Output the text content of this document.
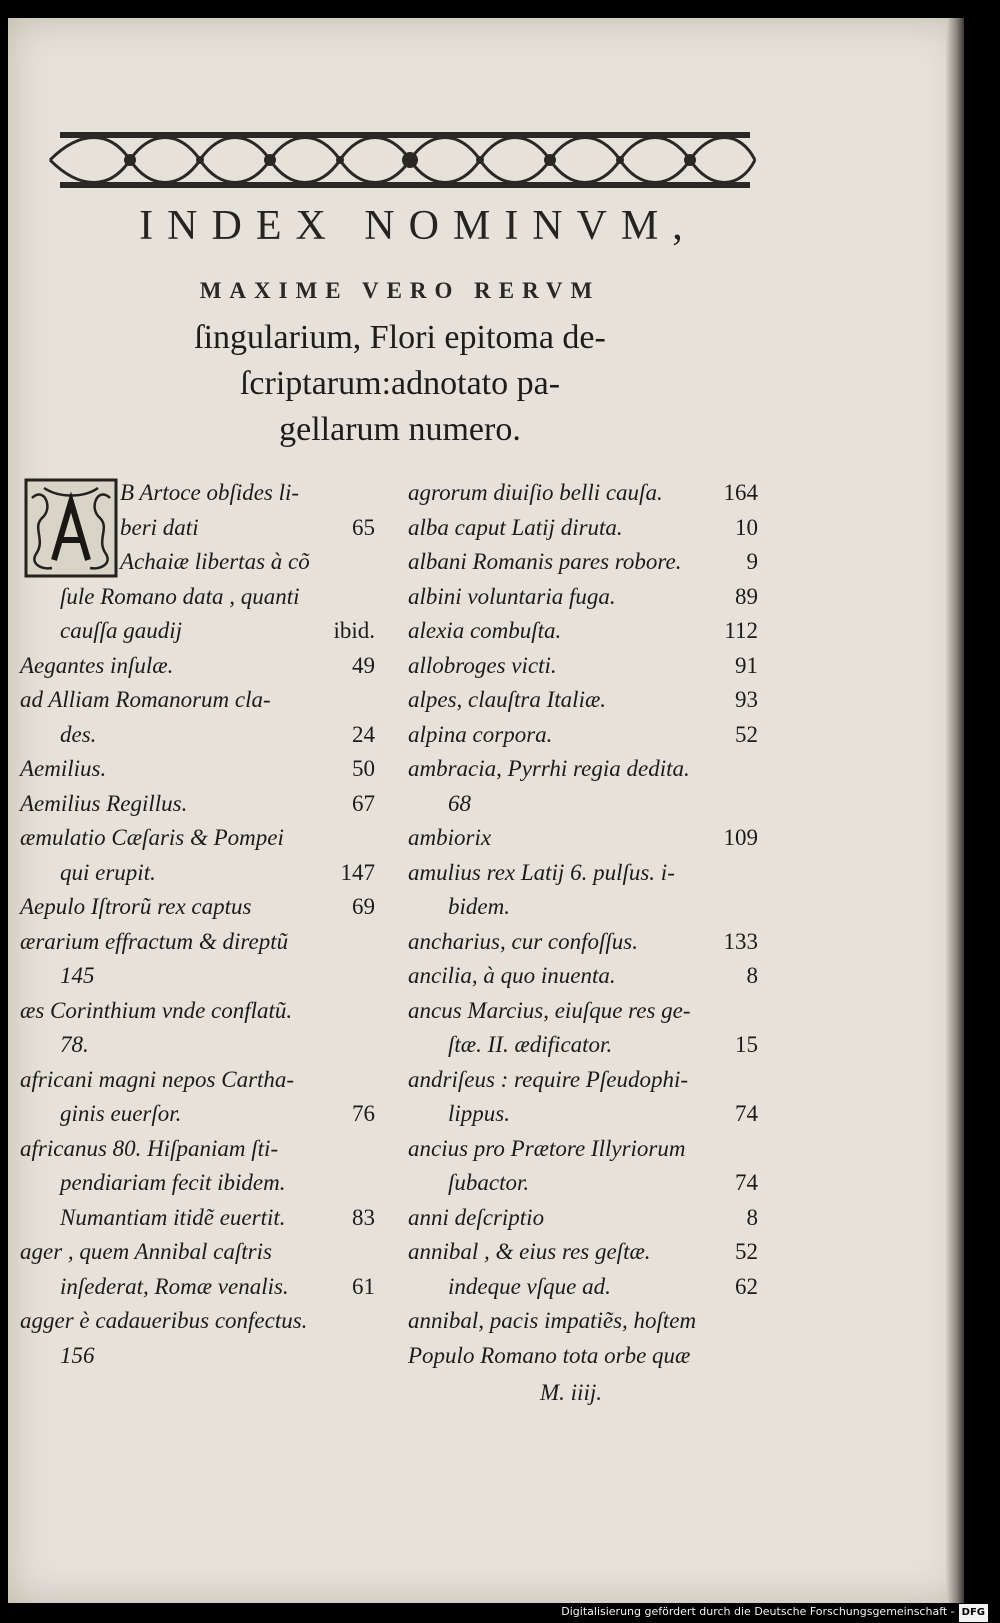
INDEX NOMINVM,
MAXIME VERO RERVM
ſingularium, Flori epitoma de-
ſcriptarum:adnotato pa-
gellarum numero.
B Artoce obſides li-
beri dati	65
Achaiæ libertas à cõ
ſule Romano data , quanti
cauſſa gaudij	ibid.
Aegantes inſulæ.	49
ad Alliam Romanorum cla-
des.	24
Aemilius.	50
Aemilius Regillus.	67
æmulatio Cæſaris & Pompei
qui erupit.	147
Aepulo Iſtrorũ rex captus	69
ærarium effractum & direptũ
145
æs Corinthium vnde conflatũ.
78.
africani magni nepos Cartha-
ginis euerſor.	76
africanus 80. Hiſpaniam ſti-
pendiariam fecit ibidem.
Numantiam itidẽ euertit.	83
ager , quem Annibal caſtris
inſederat, Romæ venalis.	61
agger è cadaueribus confectus.
156
agrorum diuiſio belli cauſa.	164
alba caput Latij diruta.	10
albani Romanis pares robore.	9
albini voluntaria fuga.	89
alexia combuſta.	112
allobroges victi.	91
alpes, clauſtra Italiæ.	93
alpina corpora.	52
ambracia, Pyrrhi regia dedita.
68
ambiorix	109
amulius rex Latij 6. pulſus. i-
bidem.
ancharius, cur confoſſus.	133
ancilia, à quo inuenta.	8
ancus Marcius, eiuſque res ge-
ſtæ. II. ædificator.	15
andriſeus : require Pſeudophi-
lippus.	74
ancius pro Prætore Illyriorum
ſubactor.	74
anni deſcriptio	8
annibal , & eius res geſtæ.	52
indeque vſque ad.	62
annibal, pacis impatiẽs, hoſtem
Populo Romano tota orbe quæ
M. iiij.
Digitalisierung gefördert durch die Deutsche Forschungsgemeinschaft - DFG
